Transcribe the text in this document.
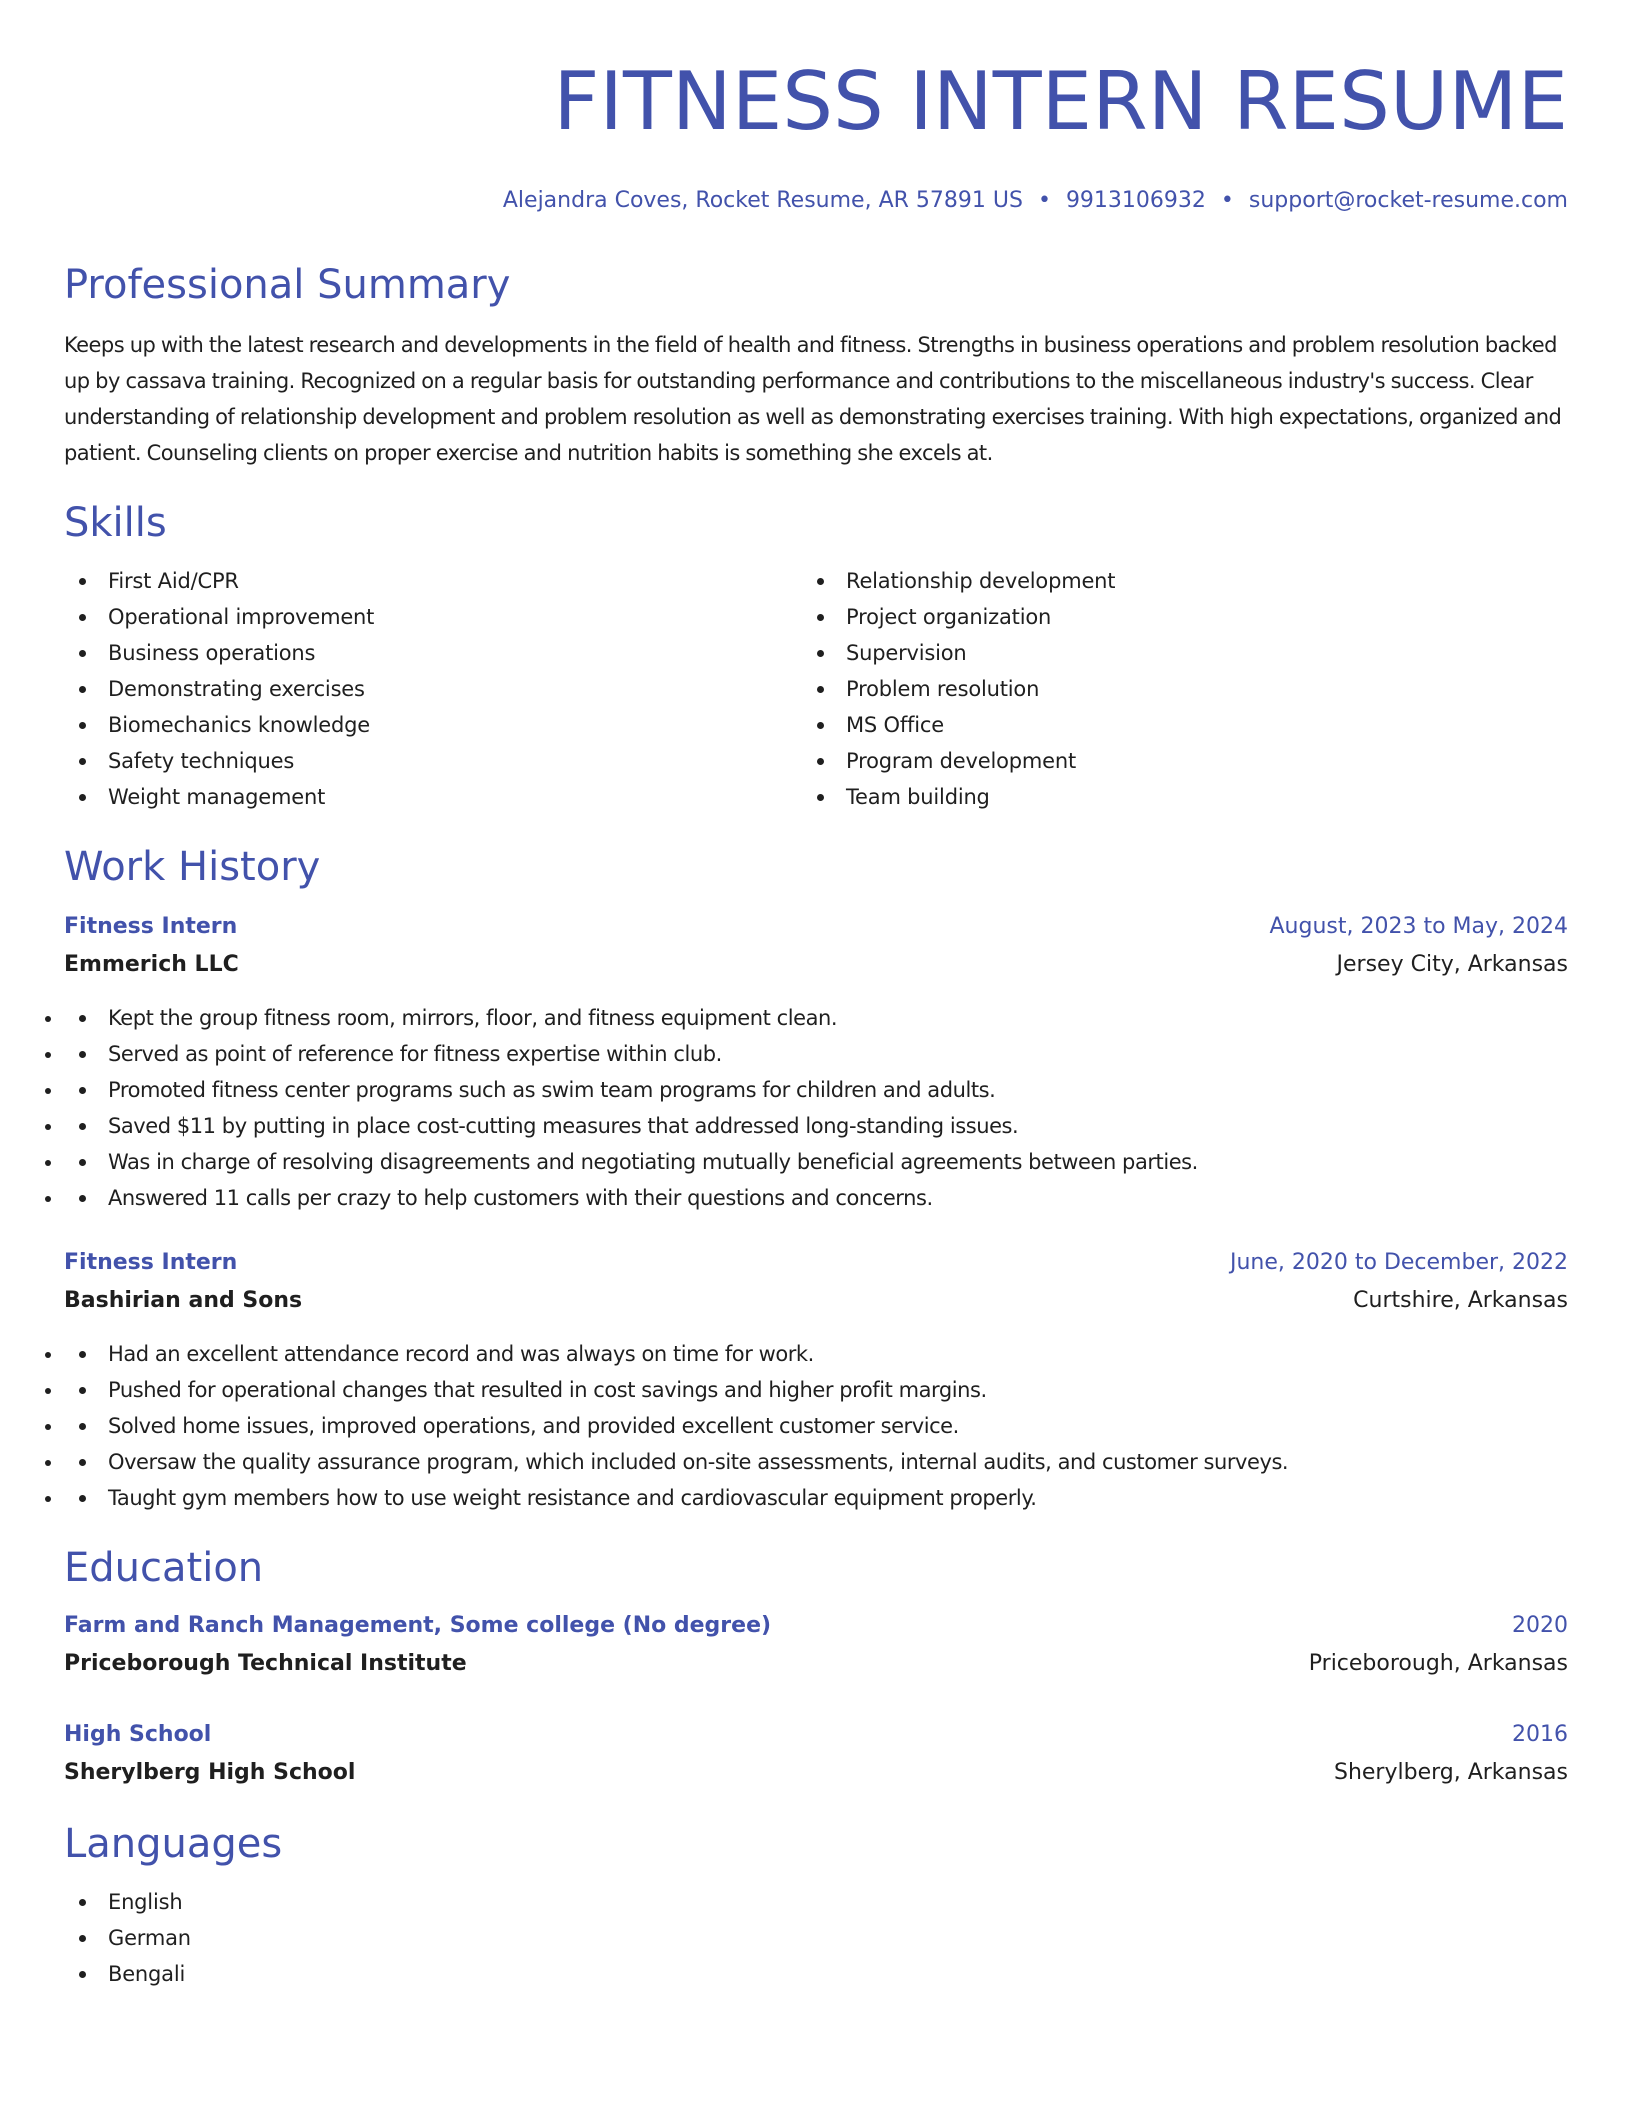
FITNESS INTERN RESUME
Alejandra Coves, Rocket Resume, AR 57891 US • 9913106932 • support@rocket-resume.com
Professional Summary

Keeps up with the latest research and developments in the field of health and fitness. Strengths in business operations and problem resolution backed up by cassava training. Recognized on a regular basis for outstanding performance and contributions to the miscellaneous industry's success. Clear understanding of relationship development and problem resolution as well as demonstrating exercises training. With high expectations, organized and patient. Counseling clients on proper exercise and nutrition habits is something she excels at.

Skills
First Aid/CPR
Operational improvement
Business operations
Demonstrating exercises
Biomechanics knowledge
Safety techniques
Weight management
Relationship development
Project organization
Supervision
Problem resolution
MS Office
Program development
Team building
Work History
Fitness Intern	August, 2023 to May, 2024
Emmerich LLC	Jersey City, Arkansas
• Kept the group fitness room, mirrors, floor, and fitness equipment clean.
• Served as point of reference for fitness expertise within club.
• Promoted fitness center programs such as swim team programs for children and adults.
• Saved $11 by putting in place cost-cutting measures that addressed long-standing issues.
• Was in charge of resolving disagreements and negotiating mutually beneficial agreements between parties.
• Answered 11 calls per crazy to help customers with their questions and concerns.
Fitness Intern	June, 2020 to December, 2022
Bashirian and Sons	Curtshire, Arkansas
• Had an excellent attendance record and was always on time for work.
• Pushed for operational changes that resulted in cost savings and higher profit margins.
• Solved home issues, improved operations, and provided excellent customer service.
• Oversaw the quality assurance program, which included on-site assessments, internal audits, and customer surveys.
• Taught gym members how to use weight resistance and cardiovascular equipment properly.
Education
Farm and Ranch Management, Some college (No degree)	2020
Priceborough Technical Institute	Priceborough, Arkansas
High School	2016
Sherylberg High School	Sherylberg, Arkansas
Languages
English
German
Bengali
